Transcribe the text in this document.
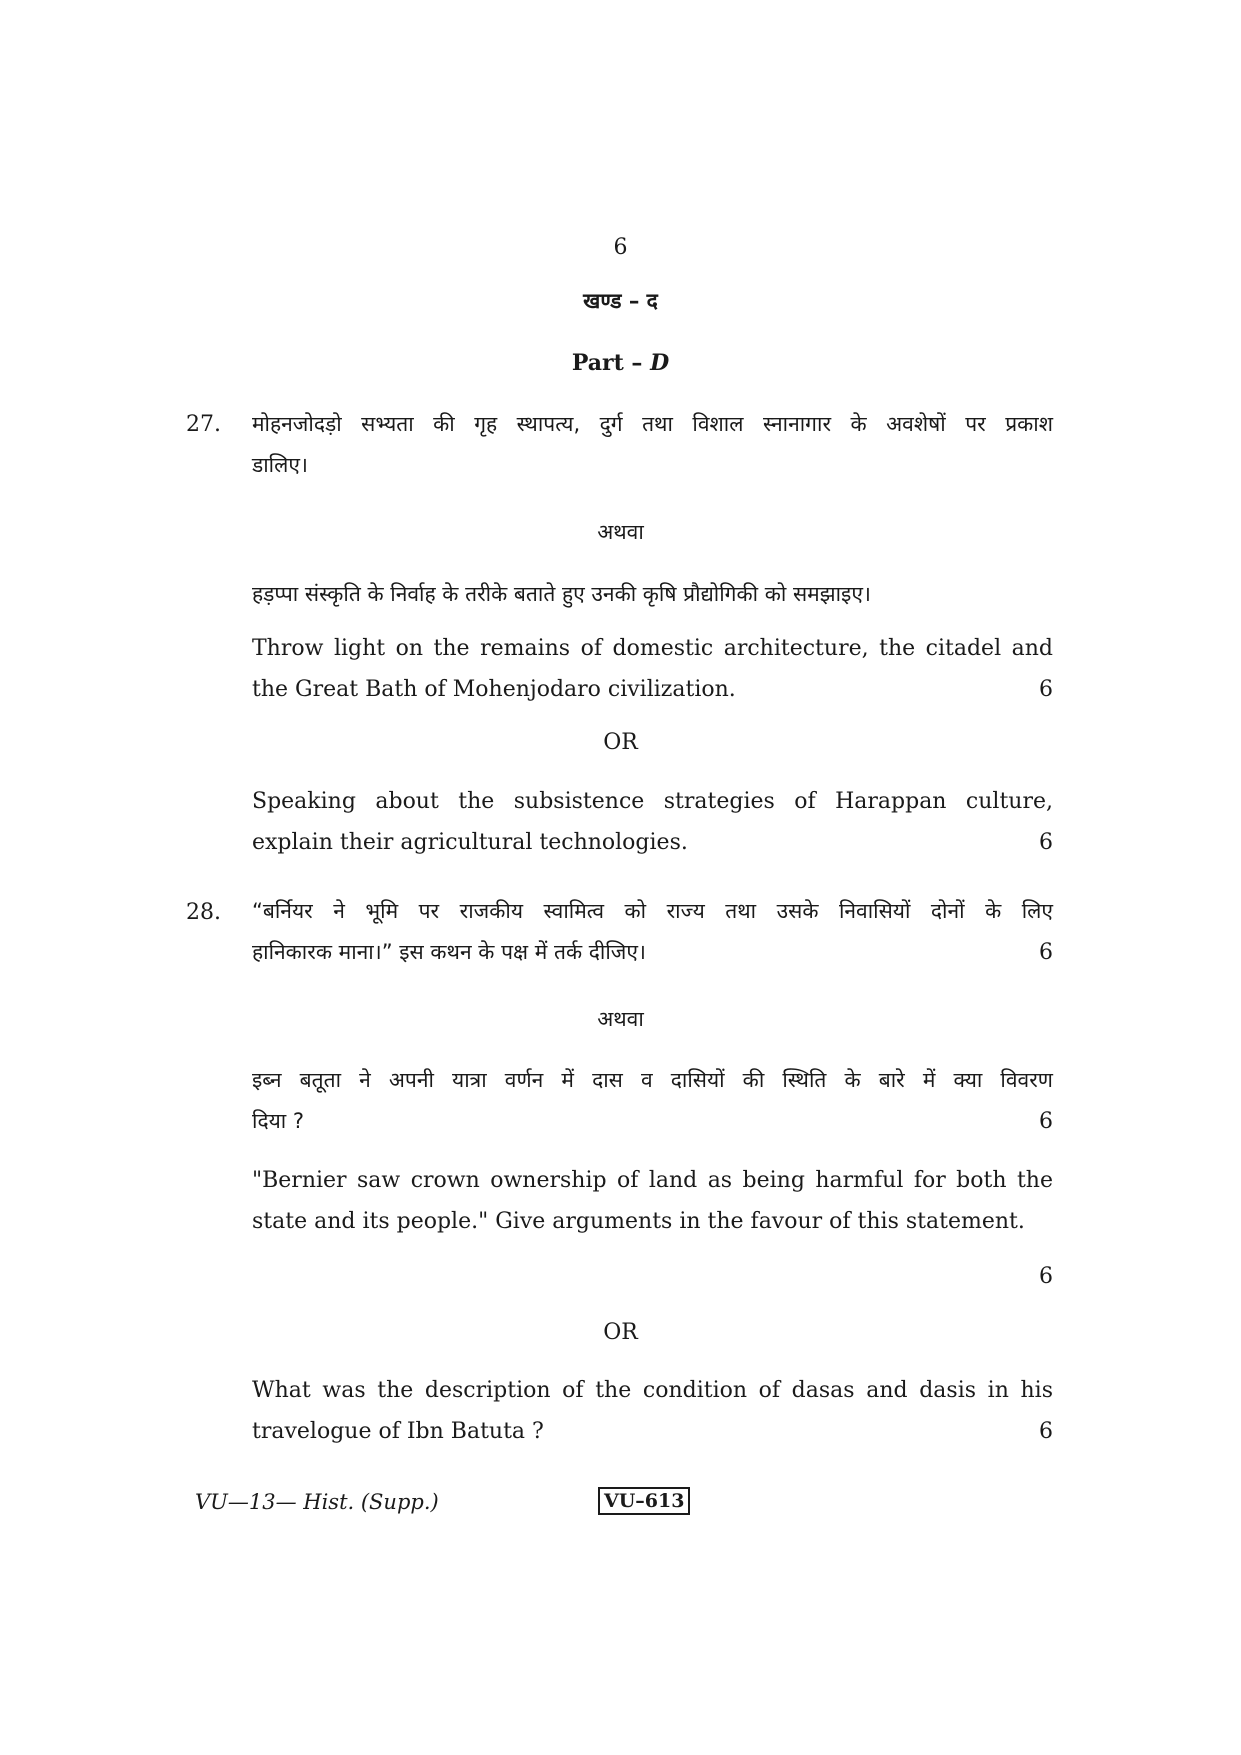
6
खण्ड – द
Part – D
27. मोहनजोदड़ो सभ्यता की गृह स्थापत्य, दुर्ग तथा विशाल स्नानागार के अवशेषों पर प्रकाश
डालिए।
अथवा
हड़प्पा संस्कृति के निर्वाह के तरीके बताते हुए उनकी कृषि प्रौद्योगिकी को समझाइए।
Throw light on the remains of domestic architecture, the citadel and
the Great Bath of Mohenjodaro civilization.	6
OR
Speaking about the subsistence strategies of Harappan culture,
explain their agricultural technologies.	6
28. “बर्नियर ने भूमि पर राजकीय स्वामित्व को राज्य तथा उसके निवासियों दोनों के लिए
हानिकारक माना।” इस कथन के पक्ष में तर्क दीजिए।	6
अथवा
इब्न बतूता ने अपनी यात्रा वर्णन में दास व दासियों की स्थिति के बारे में क्या विवरण
दिया ?	6
"Bernier saw crown ownership of land as being harmful for both the
state and its people." Give arguments in the favour of this statement.
6
OR
What was the description of the condition of dasas and dasis in his
travelogue of Ibn Batuta ?	6
VU—13— Hist. (Supp.)	VU–613
